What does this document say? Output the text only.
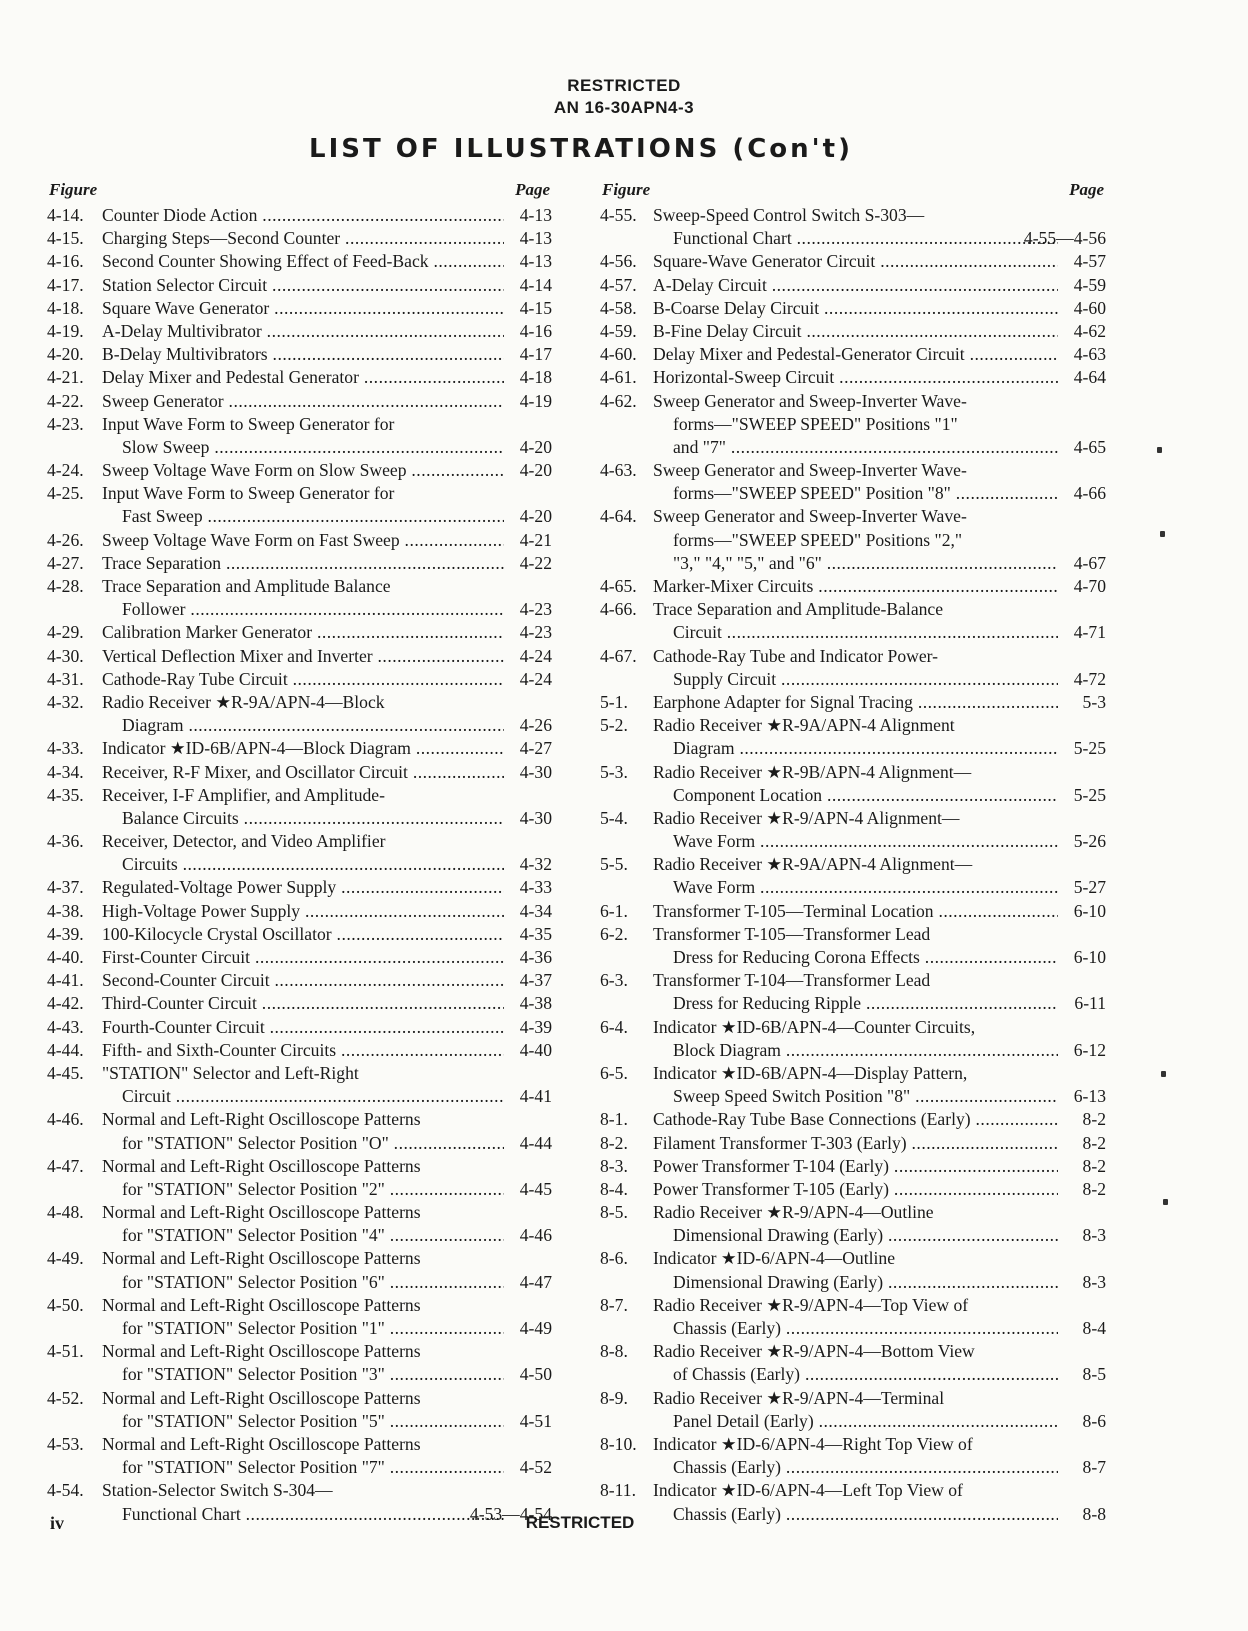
RESTRICTED
AN 16-30APN4-3
LIST OF ILLUSTRATIONS (Con't)
Figure	Page
4-14. Counter Diode Action .....	4-13
4-15. Charging Steps—Second Counter .....	4-13
4-16. Second Counter Showing Effect of Feed-Back .....	4-13
4-17. Station Selector Circuit .....	4-14
4-18. Square Wave Generator .....	4-15
4-19. A-Delay Multivibrator .....	4-16
4-20. B-Delay Multivibrators .....	4-17
4-21. Delay Mixer and Pedestal Generator .....	4-18
4-22. Sweep Generator .....	4-19
4-23. Input Wave Form to Sweep Generator for
Slow Sweep .....	4-20
4-24. Sweep Voltage Wave Form on Slow Sweep .....	4-20
4-25. Input Wave Form to Sweep Generator for
Fast Sweep .....	4-20
4-26. Sweep Voltage Wave Form on Fast Sweep .....	4-21
4-27. Trace Separation .....	4-22
4-28. Trace Separation and Amplitude Balance
Follower .....	4-23
4-29. Calibration Marker Generator .....	4-23
4-30. Vertical Deflection Mixer and Inverter .....	4-24
4-31. Cathode-Ray Tube Circuit .....	4-24
4-32. Radio Receiver ★R-9A/APN-4—Block
Diagram .....	4-26
4-33. Indicator ★ID-6B/APN-4—Block Diagram .....	4-27
4-34. Receiver, R-F Mixer, and Oscillator Circuit .....	4-30
4-35. Receiver, I-F Amplifier, and Amplitude-
Balance Circuits .....	4-30
4-36. Receiver, Detector, and Video Amplifier
Circuits .....	4-32
4-37. Regulated-Voltage Power Supply .....	4-33
4-38. High-Voltage Power Supply .....	4-34
4-39. 100-Kilocycle Crystal Oscillator .....	4-35
4-40. First-Counter Circuit .....	4-36
4-41. Second-Counter Circuit .....	4-37
4-42. Third-Counter Circuit .....	4-38
4-43. Fourth-Counter Circuit .....	4-39
4-44. Fifth- and Sixth-Counter Circuits .....	4-40
4-45. "STATION" Selector and Left-Right
Circuit .....	4-41
4-46. Normal and Left-Right Oscilloscope Patterns
for "STATION" Selector Position "O" .....	4-44
4-47. Normal and Left-Right Oscilloscope Patterns
for "STATION" Selector Position "2" .....	4-45
4-48. Normal and Left-Right Oscilloscope Patterns
for "STATION" Selector Position "4" .....	4-46
4-49. Normal and Left-Right Oscilloscope Patterns
for "STATION" Selector Position "6" .....	4-47
4-50. Normal and Left-Right Oscilloscope Patterns
for "STATION" Selector Position "1" .....	4-49
4-51. Normal and Left-Right Oscilloscope Patterns
for "STATION" Selector Position "3" .....	4-50
4-52. Normal and Left-Right Oscilloscope Patterns
for "STATION" Selector Position "5" .....	4-51
4-53. Normal and Left-Right Oscilloscope Patterns
for "STATION" Selector Position "7" .....	4-52
4-54. Station-Selector Switch S-304—
Functional Chart .....	4-53—4-54
Figure	Page
4-55. Sweep-Speed Control Switch S-303—
Functional Chart .....	4-55—4-56
4-56. Square-Wave Generator Circuit .....	4-57
4-57. A-Delay Circuit .....	4-59
4-58. B-Coarse Delay Circuit .....	4-60
4-59. B-Fine Delay Circuit .....	4-62
4-60. Delay Mixer and Pedestal-Generator Circuit .....	4-63
4-61. Horizontal-Sweep Circuit .....	4-64
4-62. Sweep Generator and Sweep-Inverter Wave-
forms—"SWEEP SPEED" Positions "1"
and "7" .....	4-65
4-63. Sweep Generator and Sweep-Inverter Wave-
forms—"SWEEP SPEED" Position "8" .....	4-66
4-64. Sweep Generator and Sweep-Inverter Wave-
forms—"SWEEP SPEED" Positions "2,"
"3," "4," "5," and "6" .....	4-67
4-65. Marker-Mixer Circuits .....	4-70
4-66. Trace Separation and Amplitude-Balance
Circuit .....	4-71
4-67. Cathode-Ray Tube and Indicator Power-
Supply Circuit .....	4-72
5-1. Earphone Adapter for Signal Tracing .....	5-3
5-2. Radio Receiver ★R-9A/APN-4 Alignment
Diagram .....	5-25
5-3. Radio Receiver ★R-9B/APN-4 Alignment—
Component Location .....	5-25
5-4. Radio Receiver ★R-9/APN-4 Alignment—
Wave Form .....	5-26
5-5. Radio Receiver ★R-9A/APN-4 Alignment—
Wave Form .....	5-27
6-1. Transformer T-105—Terminal Location .....	6-10
6-2. Transformer T-105—Transformer Lead
Dress for Reducing Corona Effects .....	6-10
6-3. Transformer T-104—Transformer Lead
Dress for Reducing Ripple .....	6-11
6-4. Indicator ★ID-6B/APN-4—Counter Circuits,
Block Diagram .....	6-12
6-5. Indicator ★ID-6B/APN-4—Display Pattern,
Sweep Speed Switch Position "8" .....	6-13
8-1. Cathode-Ray Tube Base Connections (Early) .....	8-2
8-2. Filament Transformer T-303 (Early) .....	8-2
8-3. Power Transformer T-104 (Early) .....	8-2
8-4. Power Transformer T-105 (Early) .....	8-2
8-5. Radio Receiver ★R-9/APN-4—Outline
Dimensional Drawing (Early) .....	8-3
8-6. Indicator ★ID-6/APN-4—Outline
Dimensional Drawing (Early) .....	8-3
8-7. Radio Receiver ★R-9/APN-4—Top View of
Chassis (Early) .....	8-4
8-8. Radio Receiver ★R-9/APN-4—Bottom View
of Chassis (Early) .....	8-5
8-9. Radio Receiver ★R-9/APN-4—Terminal
Panel Detail (Early) .....	8-6
8-10. Indicator ★ID-6/APN-4—Right Top View of
Chassis (Early) .....	8-7
8-11. Indicator ★ID-6/APN-4—Left Top View of
Chassis (Early) .....	8-8
iv	RESTRICTED
